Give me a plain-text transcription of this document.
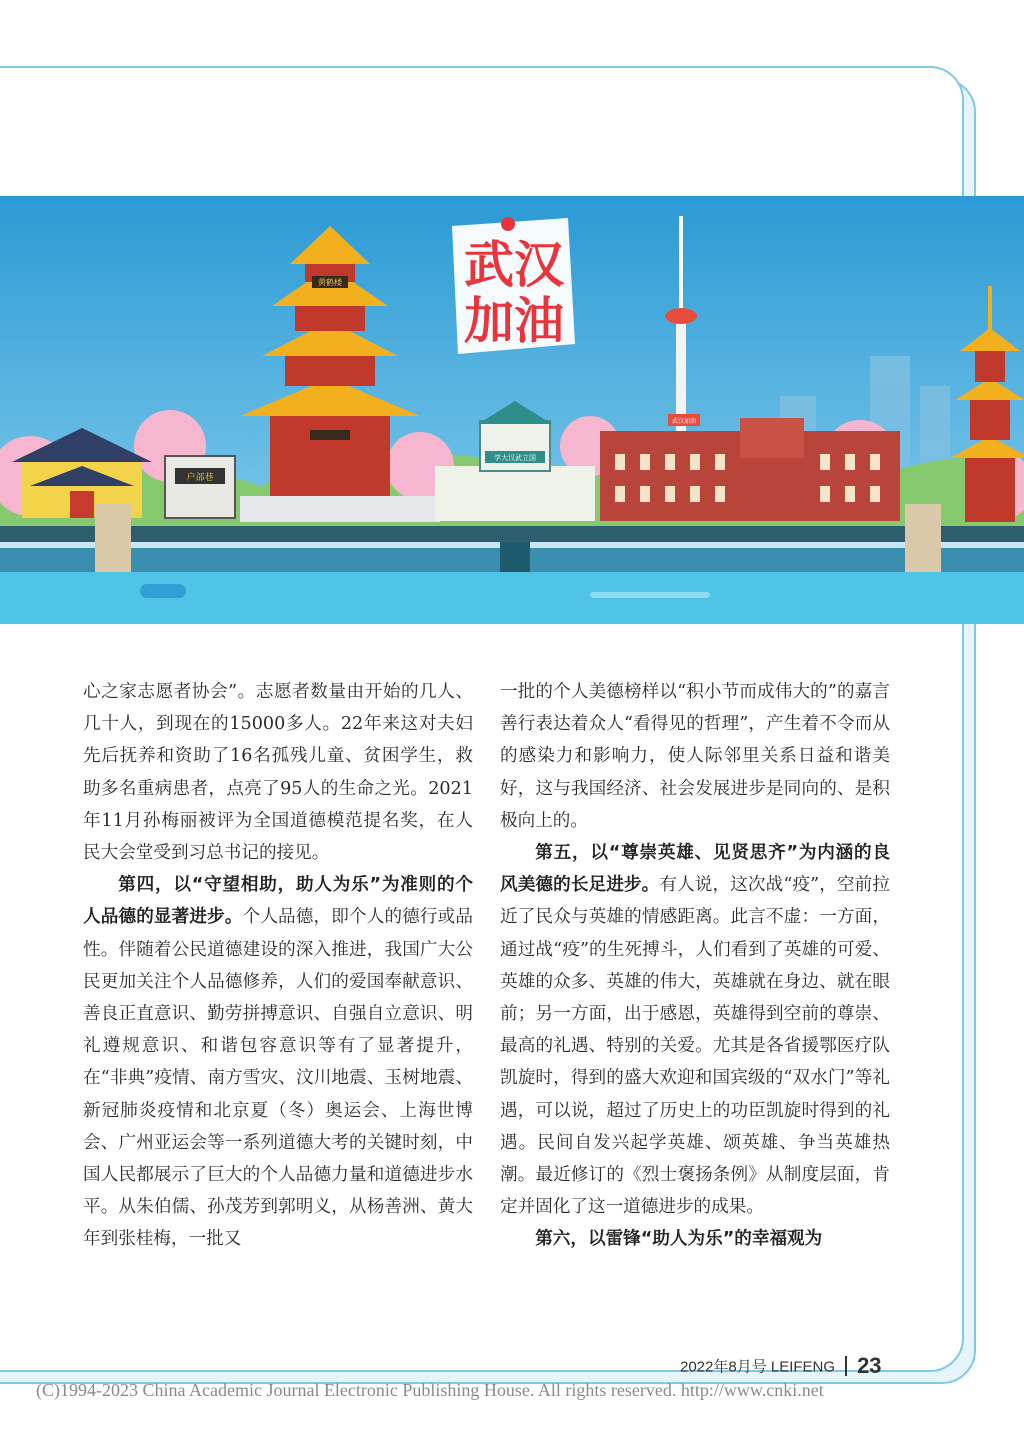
户部巷
黄鹤楼 武汉
加油
武汉加油
学大汉武立国

心之家志愿者协会”。志愿者数量由开始的几人、几十人，到现在的15000多人。22年来这对夫妇先后抚养和资助了16名孤残儿童、贫困学生，救助多名重病患者，点亮了95人的生命之光。2021年11月孙梅丽被评为全国道德模范提名奖，在人民大会堂受到习总书记的接见。

第四，以“守望相助，助人为乐”为准则的个人品德的显著进步。个人品德，即个人的德行或品性。伴随着公民道德建设的深入推进，我国广大公民更加关注个人品德修养，人们的爱国奉献意识、善良正直意识、勤劳拼搏意识、自强自立意识、明礼遵规意识、和谐包容意识等有了显著提升，在“非典”疫情、南方雪灾、汶川地震、玉树地震、新冠肺炎疫情和北京夏（冬）奥运会、上海世博会、广州亚运会等一系列道德大考的关键时刻，中国人民都展示了巨大的个人品德力量和道德进步水平。从朱伯儒、孙茂芳到郭明义，从杨善洲、黄大年到张桂梅，一批又

一批的个人美德榜样以“积小节而成伟大的”的嘉言善行表达着众人“看得见的哲理”，产生着不令而从的感染力和影响力，使人际邻里关系日益和谐美好，这与我国经济、社会发展进步是同向的、是积极向上的。

第五，以“尊崇英雄、见贤思齐”为内涵的良风美德的长足进步。有人说，这次战“疫”，空前拉近了民众与英雄的情感距离。此言不虚：一方面，通过战“疫”的生死搏斗，人们看到了英雄的可爱、英雄的众多、英雄的伟大，英雄就在身边、就在眼前；另一方面，出于感恩，英雄得到空前的尊崇、最高的礼遇、特别的关爱。尤其是各省援鄂医疗队凯旋时，得到的盛大欢迎和国宾级的“双水门”等礼遇，可以说，超过了历史上的功臣凯旋时得到的礼遇。民间自发兴起学英雄、颂英雄、争当英雄热潮。最近修订的《烈士褒扬条例》从制度层面，肯定并固化了这一道德进步的成果。

第六，以雷锋“助人为乐”的幸福观为

2022年8月号 LEIFENG 23
(C)1994-2023 China Academic Journal Electronic Publishing House. All rights reserved. http://www.cnki.net
